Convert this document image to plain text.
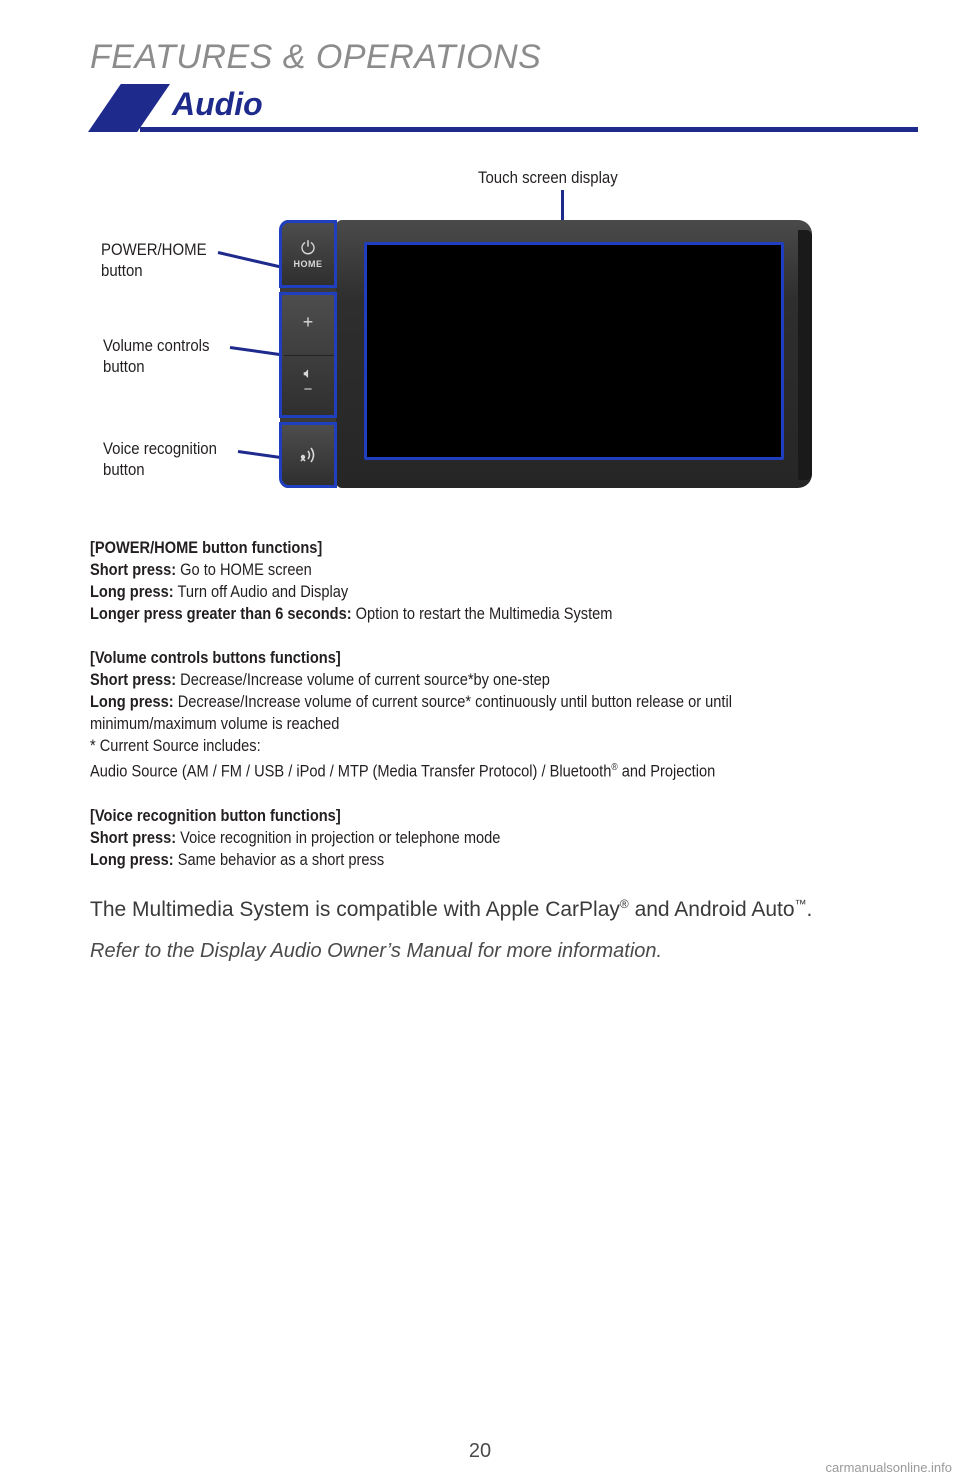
FEATURES & OPERATIONS
Audio
Touch screen display
POWER/HOME
button
Volume controls
button
Voice recognition
button
⏻
HOME
+
🔈︎
−

[POWER/HOME button functions]

Short press: Go to HOME screen

Long press: Turn off Audio and Display

Longer press greater than 6 seconds: Option to restart the Multimedia System

[Volume controls buttons functions]

Short press: Decrease/Increase volume of current source*by one-step

Long press: Decrease/Increase volume of current source* continuously until button release or until

minimum/maximum volume is reached

* Current Source includes:

Audio Source (AM / FM / USB / iPod / MTP (Media Transfer Protocol) / Bluetooth® and Projection

[Voice recognition button functions]

Short press: Voice recognition in projection or telephone mode

Long press: Same behavior as a short press

The Multimedia System is compatible with Apple CarPlay® and Android Auto™.
Refer to the Display Audio Owner’s Manual for more information.
20
carmanualsonline.info
